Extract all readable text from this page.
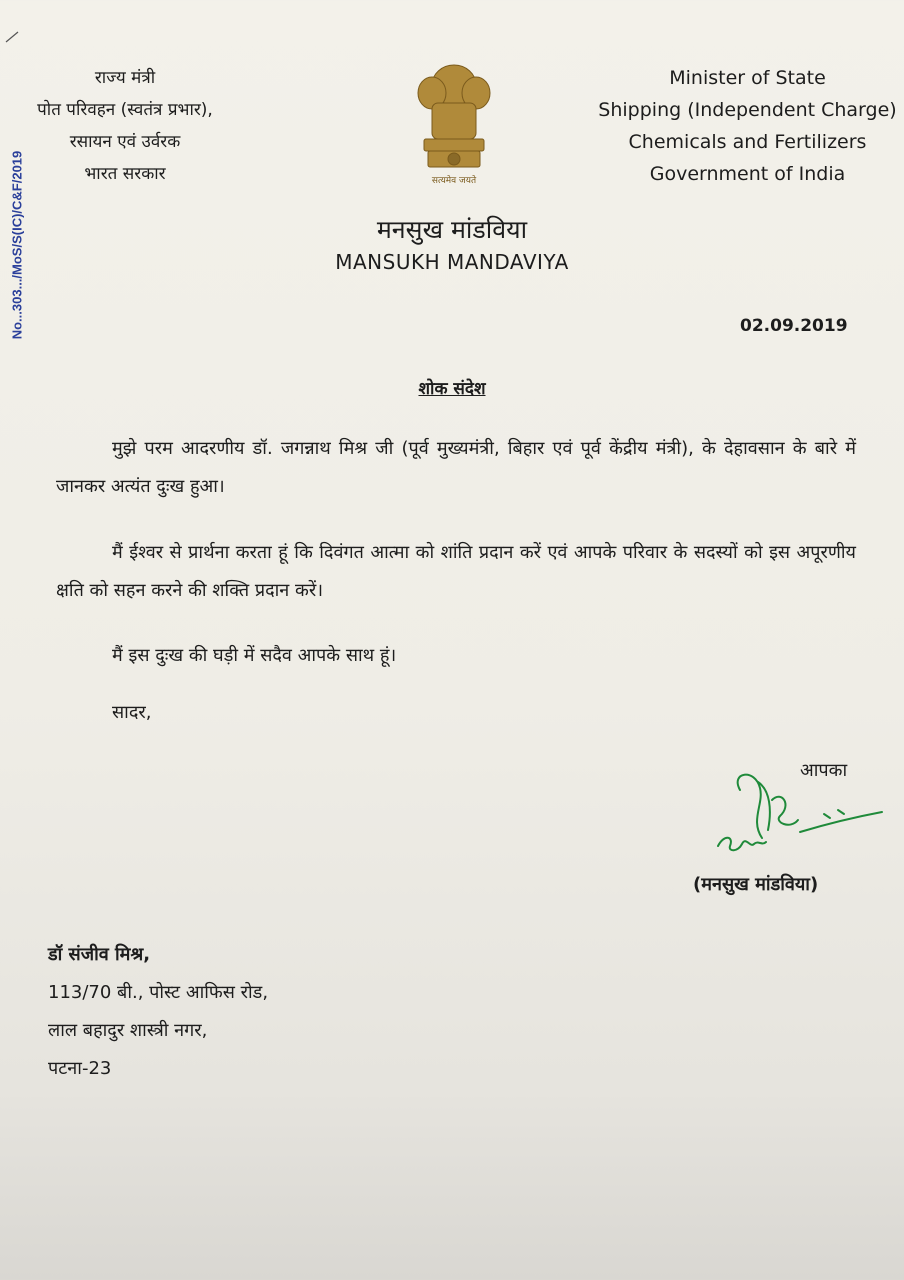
No...303.../MoS/S(IC)/C&F/2019
राज्य मंत्री
पोत परिवहन (स्वतंत्र प्रभार),
रसायन एवं उर्वरक
भारत सरकार	सत्यमेव जयते
Minister of State
Shipping (Independent Charge)
Chemicals and Fertilizers
Government of India
मनसुख मांडविया
MANSUKH MANDAVIYA
02.09.2019
शोक संदेश
मुझे परम आदरणीय डॉ. जगन्नाथ मिश्र जी (पूर्व मुख्यमंत्री, बिहार एवं पूर्व केंद्रीय मंत्री), के देहावसान के बारे में जानकर अत्यंत दुःख हुआ।
मैं ईश्वर से प्रार्थना करता हूं कि दिवंगत आत्मा को शांति प्रदान करें एवं आपके परिवार के सदस्यों को इस अपूरणीय क्षति को सहन करने की शक्ति प्रदान करें।
मैं इस दुःख की घड़ी में सदैव आपके साथ हूं।
सादर,
आपका
(मनसुख मांडविया)
डॉ संजीव मिश्र,
113/70 बी., पोस्ट आफिस रोड,
लाल बहादुर शास्त्री नगर,
पटना-23
